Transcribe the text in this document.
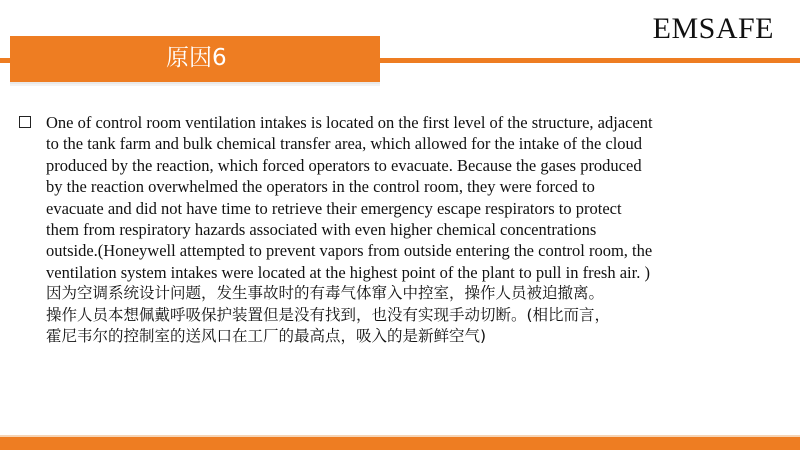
EMSAFE
原因6
One of control room ventilation intakes is located on the first level of the structure, adjacent
to the tank farm and bulk chemical transfer area, which allowed for the intake of the cloud
produced by the reaction, which forced operators to evacuate. Because the gases produced
by the reaction overwhelmed the operators in the control room, they were forced to
evacuate and did not have time to retrieve their emergency escape respirators to protect
them from respiratory hazards associated with even higher chemical concentrations
outside.(Honeywell attempted to prevent vapors from outside entering the control room, the
ventilation system intakes were located at the highest point of the plant to pull in fresh air. )
因为空调系统设计问题，发生事故时的有毒气体窜入中控室，操作人员被迫撤离。
操作人员本想佩戴呼吸保护装置但是没有找到，也没有实现手动切断。(相比而言，
霍尼韦尔的控制室的送风口在工厂的最高点，吸入的是新鲜空气)
